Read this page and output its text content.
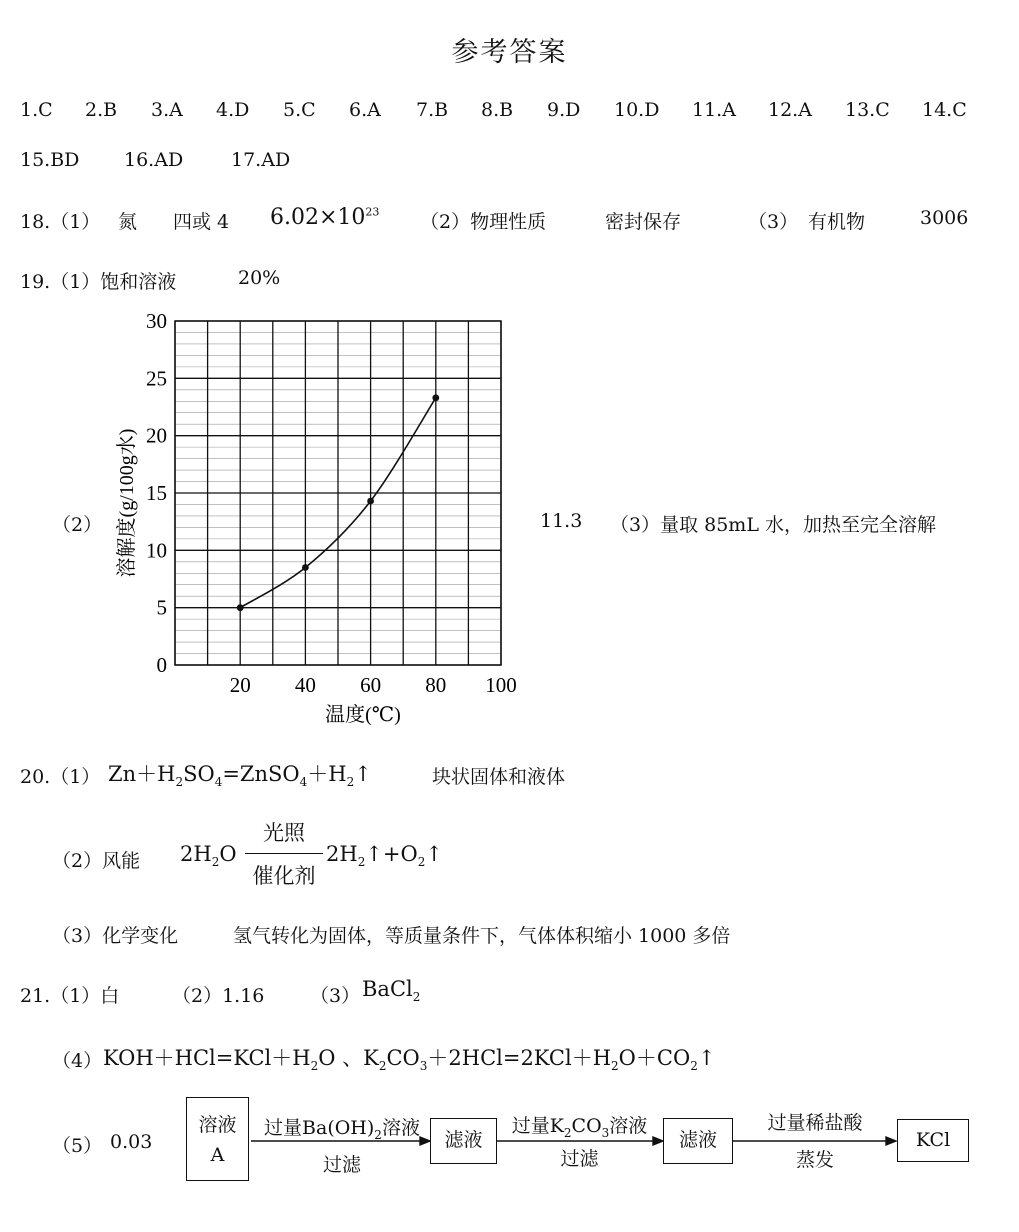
参考答案
1.C 2.B 3.A 4.D 5.C 6.A 7.B 8.B 9.D 10.D 11.A 12.A 13.C 14.C
15.BD 16.AD	17.AD
18.（1） 氮 四或 4 $6.02\times 10^{23}$ （2）物理性质	密封保存	（3） 有机物	3006
19.（1）饱和溶液	20%
（2）	11.3 （3）量取 85mL 水，加热至完全溶解
0
5
10
15
20
25
30
20 40 60 80 100
温度(℃)
溶解度(g/100g水)
20.（1） $Zn+H_2SO_4=ZnSO_4+H_2↑$	块状固体和液体
（2）风能 $2H_2O$
光照
催化剂
$2H_2↑+O_2↑$
（3）化学变化	氢气转化为固体，等质量条件下，气体体积缩小 1000 多倍
21.（1）白	（2）1.16 （3） BaCl$_2$
（4） $KOH+HCl=KCl+H_2O$ 、$K_2CO_3+2HCl=2KCl+H_2O+CO_2↑$
（5） 0.03
溶液
A
过量$Ba(OH)_2$溶液
过滤
滤液
过量$K_2CO_3$溶液
过滤
滤液
过量稀盐酸
蒸发
KCl
